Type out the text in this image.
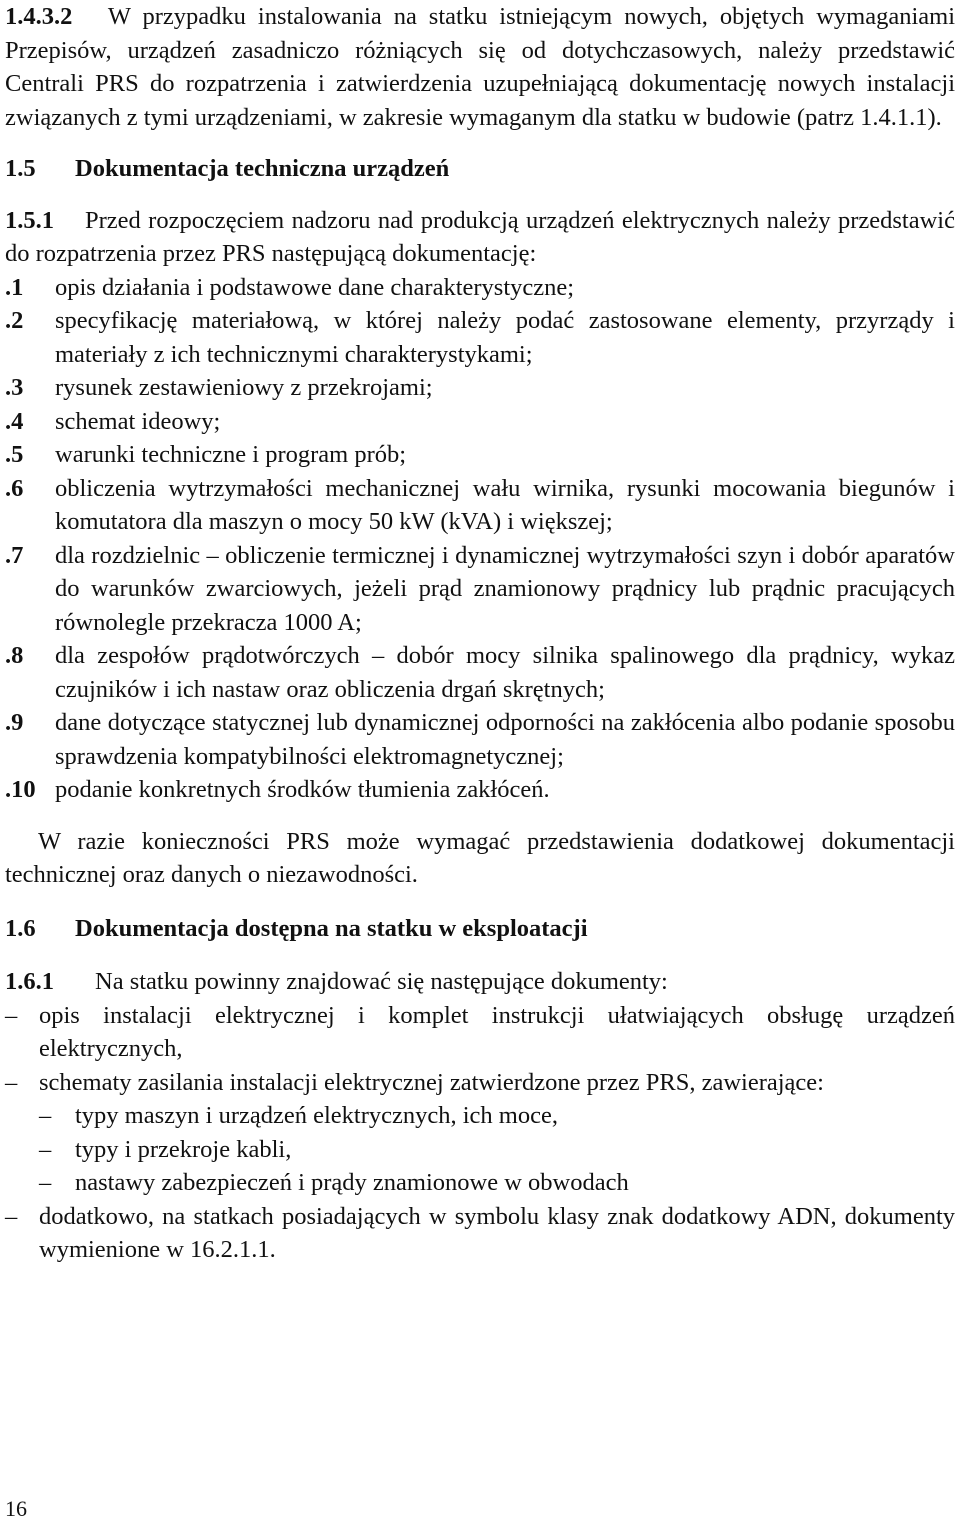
1.4.3.2 W przypadku instalowania na statku istniejącym nowych, objętych wymaganiami Przepisów, urządzeń zasadniczo różniących się od dotychczasowych, należy przedstawić Centrali PRS do rozpatrzenia i zatwierdzenia uzupełniającą dokumentację nowych instalacji związanych z tymi urządzeniami, w zakresie wymaganym dla statku w budowie (patrz 1.4.1.1).

1.5 Dokumentacja techniczna urządzeń

1.5.1 Przed rozpoczęciem nadzoru nad produkcją urządzeń elektrycznych należy przedstawić do rozpatrzenia przez PRS następującą dokumentację:

.1	opis działania i podstawowe dane charakterystyczne;
.2	specyfikację materiałową, w której należy podać zastosowane elementy, przyrządy i materiały z ich technicznymi charakterystykami;
.3	rysunek zestawieniowy z przekrojami;
.4	schemat ideowy;
.5	warunki techniczne i program prób;
.6	obliczenia wytrzymałości mechanicznej wału wirnika, rysunki mocowania biegunów i komutatora dla maszyn o mocy 50 kW (kVA) i większej;
.7	dla rozdzielnic – obliczenie termicznej i dynamicznej wytrzymałości szyn i dobór aparatów do warunków zwarciowych, jeżeli prąd znamionowy prądnicy lub prądnic pracujących równolegle przekracza 1000 A;
.8	dla zespołów prądotwórczych – dobór mocy silnika spalinowego dla prądnicy, wykaz czujników i ich nastaw oraz obliczenia drgań skrętnych;
.9	dane dotyczące statycznej lub dynamicznej odporności na zakłócenia albo podanie sposobu sprawdzenia kompatybilności elektromagnetycznej;
.10 podanie konkretnych środków tłumienia zakłóceń.

W razie konieczności PRS może wymagać przedstawienia dodatkowej dokumentacji technicznej oraz danych o niezawodności.

1.6 Dokumentacja dostępna na statku w eksploatacji

1.6.1 Na statku powinny znajdować się następujące dokumenty:

– opis instalacji elektrycznej i komplet instrukcji ułatwiających obsługę urządzeń elektrycznych,
– schematy zasilania instalacji elektrycznej zatwierdzone przez PRS, zawierające:
– typy maszyn i urządzeń elektrycznych, ich moce,
– typy i przekroje kabli,
– nastawy zabezpieczeń i prądy znamionowe w obwodach
– dodatkowo, na statkach posiadających w symbolu klasy znak dodatkowy ADN, dokumenty wymienione w 16.2.1.1.
16
